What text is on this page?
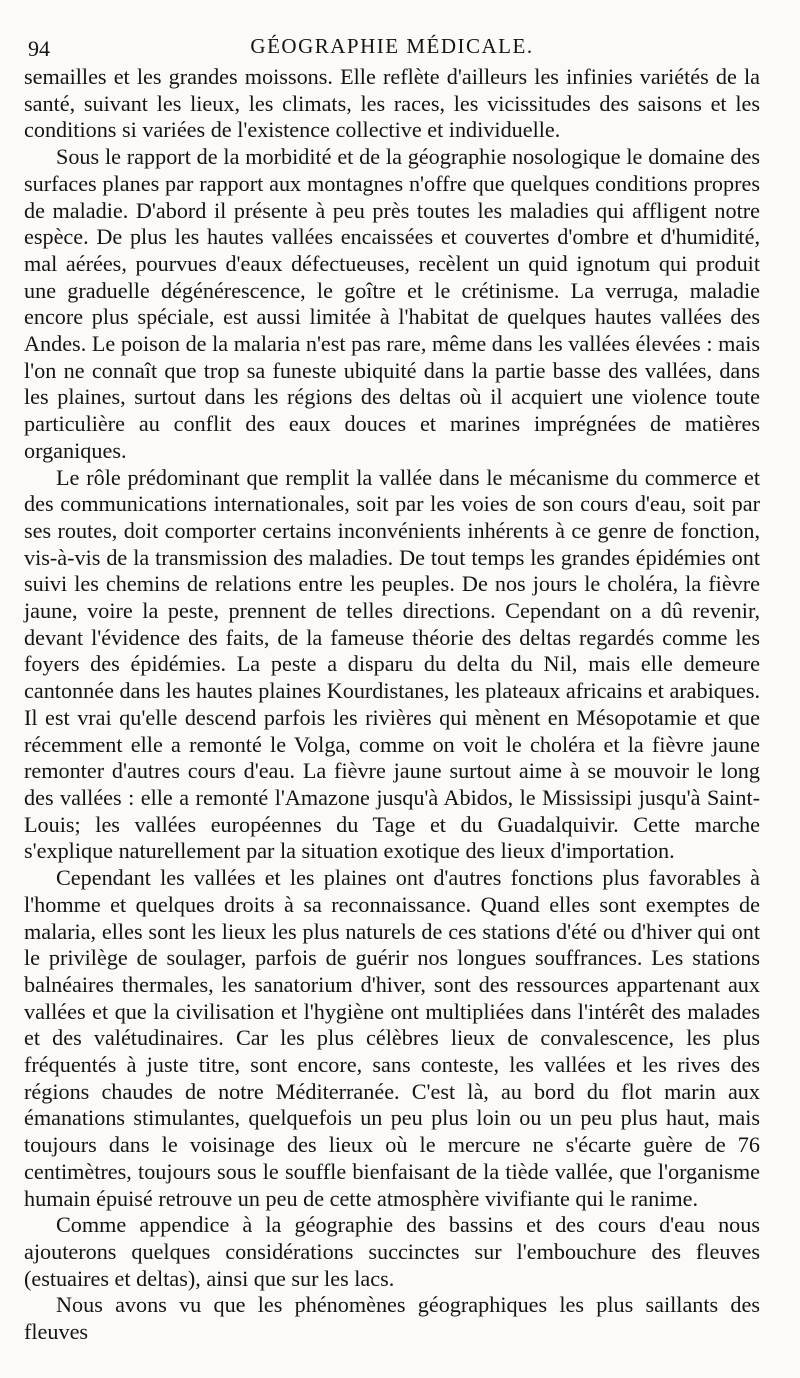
94	GÉOGRAPHIE MÉDICALE.

semailles et les grandes moissons. Elle reflète d'ailleurs les infinies variétés de la santé, suivant les lieux, les climats, les races, les vicissitudes des saisons et les conditions si variées de l'existence collective et individuelle.

Sous le rapport de la morbidité et de la géographie nosologique le domaine des surfaces planes par rapport aux montagnes n'offre que quelques conditions propres de maladie. D'abord il présente à peu près toutes les maladies qui affligent notre espèce. De plus les hautes vallées encaissées et couvertes d'ombre et d'humidité, mal aérées, pourvues d'eaux défectueuses, recèlent un quid ignotum qui produit une graduelle dégénérescence, le goître et le crétinisme. La verruga, maladie encore plus spéciale, est aussi limitée à l'habitat de quelques hautes vallées des Andes. Le poison de la malaria n'est pas rare, même dans les vallées élevées : mais l'on ne connaît que trop sa funeste ubiquité dans la partie basse des vallées, dans les plaines, surtout dans les régions des deltas où il acquiert une violence toute particulière au conflit des eaux douces et marines imprégnées de matières organiques.

Le rôle prédominant que remplit la vallée dans le mécanisme du commerce et des communications internationales, soit par les voies de son cours d'eau, soit par ses routes, doit comporter certains inconvénients inhérents à ce genre de fonction, vis-à-vis de la transmission des maladies. De tout temps les grandes épidémies ont suivi les chemins de relations entre les peuples. De nos jours le choléra, la fièvre jaune, voire la peste, prennent de telles directions. Cependant on a dû revenir, devant l'évidence des faits, de la fameuse théorie des deltas regardés comme les foyers des épidémies. La peste a disparu du delta du Nil, mais elle demeure cantonnée dans les hautes plaines Kourdistanes, les plateaux africains et arabiques. Il est vrai qu'elle descend parfois les rivières qui mènent en Mésopotamie et que récemment elle a remonté le Volga, comme on voit le choléra et la fièvre jaune remonter d'autres cours d'eau. La fièvre jaune surtout aime à se mouvoir le long des vallées : elle a remonté l'Amazone jusqu'à Abidos, le Mississipi jusqu'à Saint-Louis; les vallées européennes du Tage et du Guadalquivir. Cette marche s'explique naturellement par la situation exotique des lieux d'importation.

Cependant les vallées et les plaines ont d'autres fonctions plus favorables à l'homme et quelques droits à sa reconnaissance. Quand elles sont exemptes de malaria, elles sont les lieux les plus naturels de ces stations d'été ou d'hiver qui ont le privilège de soulager, parfois de guérir nos longues souffrances. Les stations balnéaires thermales, les sanatorium d'hiver, sont des ressources appartenant aux vallées et que la civilisation et l'hygiène ont multipliées dans l'intérêt des malades et des valétudinaires. Car les plus célèbres lieux de convalescence, les plus fréquentés à juste titre, sont encore, sans conteste, les vallées et les rives des régions chaudes de notre Méditerranée. C'est là, au bord du flot marin aux émanations stimulantes, quelquefois un peu plus loin ou un peu plus haut, mais toujours dans le voisinage des lieux où le mercure ne s'écarte guère de 76 centimètres, toujours sous le souffle bienfaisant de la tiède vallée, que l'organisme humain épuisé retrouve un peu de cette atmosphère vivifiante qui le ranime.

Comme appendice à la géographie des bassins et des cours d'eau nous ajouterons quelques considérations succinctes sur l'embouchure des fleuves (estuaires et deltas), ainsi que sur les lacs.

Nous avons vu que les phénomènes géographiques les plus saillants des fleuves
